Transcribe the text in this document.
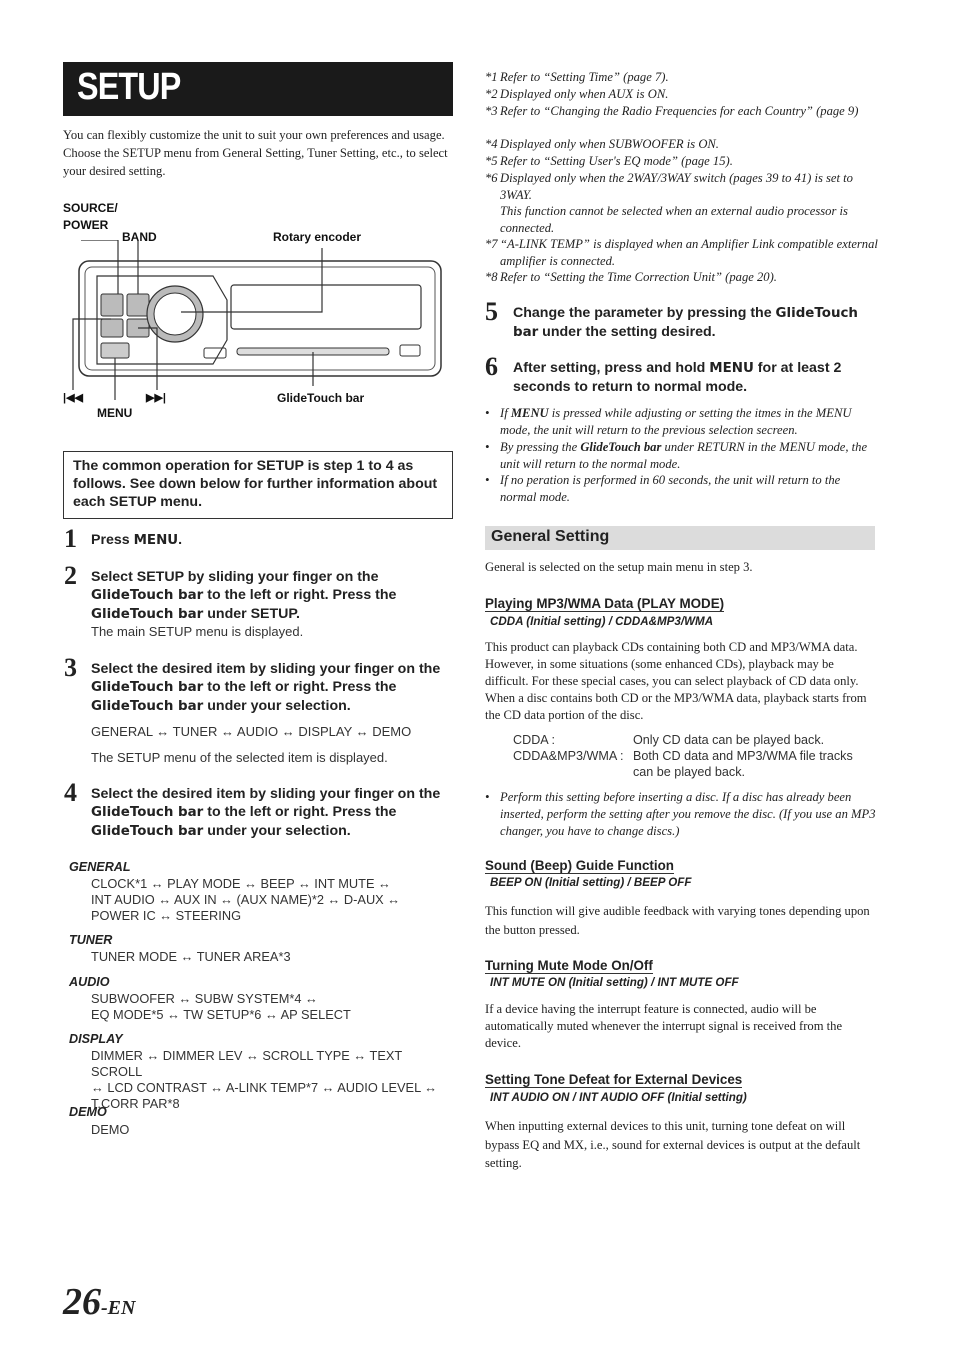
SETUP
You can flexibly customize the unit to suit your own preferences and usage. Choose the SETUP menu from General Setting, Tuner Setting, etc., to select your desired setting.
SOURCE/
POWER
BAND	Rotary encoder
|◀◀	▶▶|
MENU
GlideTouch bar
The common operation for SETUP is step 1 to 4 as follows. See down below for further information about each SETUP menu.
1 Press MENU.
2 Select SETUP by sliding your finger on the GlideTouch bar to the left or right. Press the GlideTouch bar under SETUP.
The main SETUP menu is displayed.
3 Select the desired item by sliding your finger on the GlideTouch bar to the left or right. Press the GlideTouch bar under your selection.
GENERAL ↔ TUNER ↔ AUDIO ↔ DISPLAY ↔ DEMO
The SETUP menu of the selected item is displayed.
4 Select the desired item by sliding your finger on the GlideTouch bar to the left or right. Press the GlideTouch bar under your selection.
GENERAL
CLOCK*1 ↔ PLAY MODE ↔ BEEP ↔ INT MUTE ↔
INT AUDIO ↔ AUX IN ↔ (AUX NAME)*2 ↔ D-AUX ↔
POWER IC ↔ STEERING
TUNER
TUNER MODE ↔ TUNER AREA*3
AUDIO
SUBWOOFER ↔ SUBW SYSTEM*4 ↔
EQ MODE*5 ↔ TW SETUP*6 ↔ AP SELECT
DISPLAY
DIMMER ↔ DIMMER LEV ↔ SCROLL TYPE ↔ TEXT SCROLL
↔ LCD CONTRAST ↔ A-LINK TEMP*7 ↔ AUDIO LEVEL ↔
T.CORR PAR*8
DEMO
DEMO
26-EN
*1 Refer to “Setting Time” (page 7).
*2 Displayed only when AUX is ON.
*3 Refer to “Changing the Radio Frequencies for each Country” (page 9)
*4 Displayed only when SUBWOOFER is ON.
*5 Refer to “Setting User's EQ mode” (page 15).
*6 Displayed only when the 2WAY/3WAY switch (pages 39 to 41) is set to 3WAY.
This function cannot be selected when an external audio processor is connected.
*7 “A-LINK TEMP” is displayed when an Amplifier Link compatible external amplifier is connected.
*8 Refer to “Setting the Time Correction Unit” (page 20).
5 Change the parameter by pressing the GlideTouch bar under the setting desired.
6 After setting, press and hold MENU for at least 2 seconds to return to normal mode.
• If MENU is pressed while adjusting or setting the itmes in the MENU mode, the unit will return to the previous selection secreen.
• By pressing the GlideTouch bar under RETURN in the MENU mode, the unit will return to the normal mode.
• If no peration is performed in 60 seconds, the unit will return to the normal mode.
General Setting
General is selected on the setup main menu in step 3.
Playing MP3/WMA Data (PLAY MODE)
CDDA (Initial setting) / CDDA&MP3/WMA
This product can playback CDs containing both CD and MP3/WMA data. However, in some situations (some enhanced CDs), playback may be difficult. For these special cases, you can select playback of CD data only. When a disc contains both CD or the MP3/WMA data, playback starts from the CD data portion of the disc.
CDDA :	Only CD data can be played back.
CDDA&MP3/WMA : Both CD data and MP3/WMA file tracks can be played back.
• Perform this setting before inserting a disc. If a disc has already been inserted, perform the setting after you remove the disc. (If you use an MP3 changer, you have to change discs.)
Sound (Beep) Guide Function
BEEP ON (Initial setting) / BEEP OFF
This function will give audible feedback with varying tones depending upon the button pressed.
Turning Mute Mode On/Off
INT MUTE ON (Initial setting) / INT MUTE OFF
If a device having the interrupt feature is connected, audio will be automatically muted whenever the interrupt signal is received from the device.
Setting Tone Defeat for External Devices
INT AUDIO ON / INT AUDIO OFF (Initial setting)
When inputting external devices to this unit, turning tone defeat on will bypass EQ and MX, i.e., sound for external devices is output at the default setting.
